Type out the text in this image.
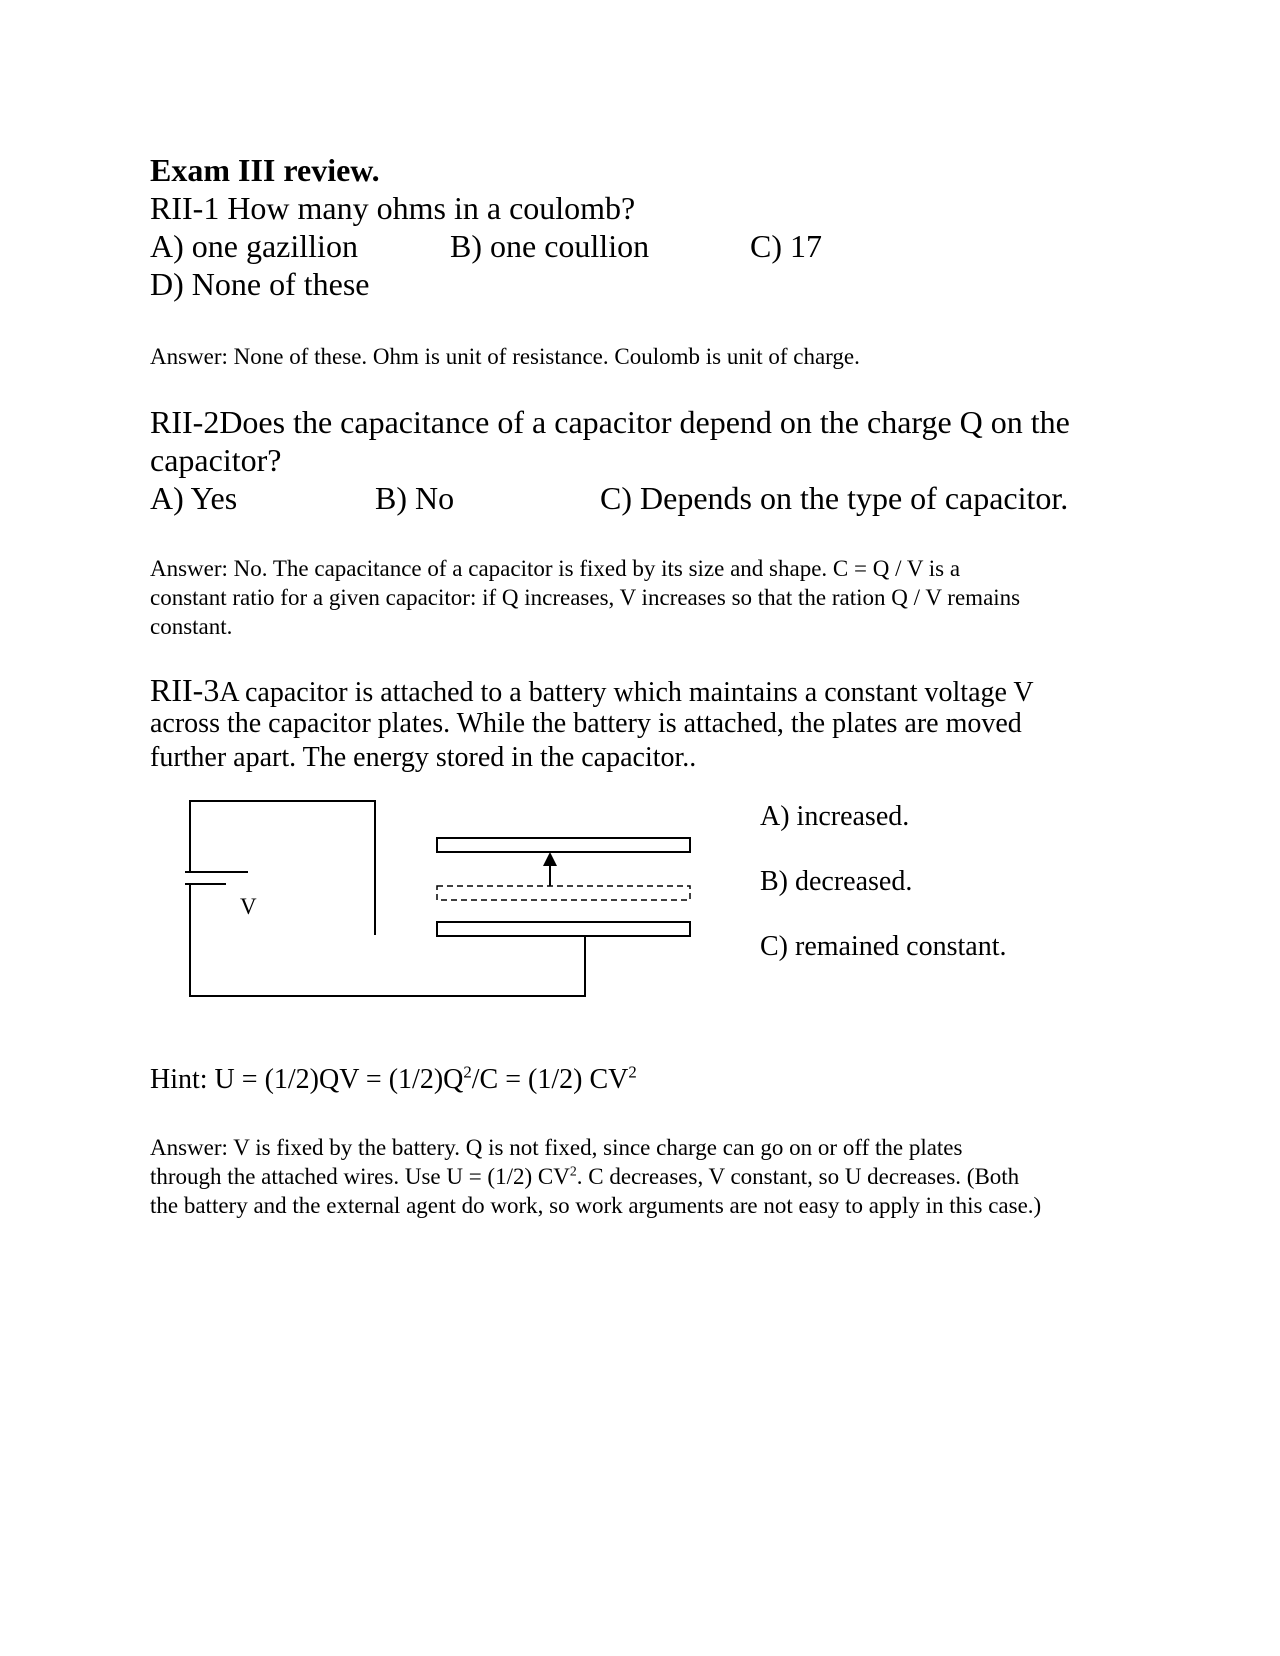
Exam III review.
RII-1 How many ohms in a coulomb?
A) one gazillion	B) one coullion	C) 17
D) None of these
Answer: None of these. Ohm is unit of resistance. Coulomb is unit of charge.
RII-2Does the capacitance of a capacitor depend on the charge Q on the
capacitor?
A) Yes	B) No	C) Depends on the type of capacitor.
Answer: No. The capacitance of a capacitor is fixed by its size and shape. C = Q / V is a
constant ratio for a given capacitor: if Q increases, V increases so that the ration Q / V remains
constant.
RII-3A capacitor is attached to a battery which maintains a constant voltage V
across the capacitor plates. While the battery is attached, the plates are moved
further apart. The energy stored in the capacitor..
V
A) increased.
B) decreased.
C) remained constant.
Hint: $U = (1/2)QV = (1/2)Q^2/C = (1/2)$ $CV^2$
Answer: V is fixed by the battery. Q is not fixed, since charge can go on or off the plates
through the attached wires. Use U = (1/2) $CV^2$. C decreases, V constant, so U decreases. (Both
the battery and the external agent do work, so work arguments are not easy to apply in this case.)
